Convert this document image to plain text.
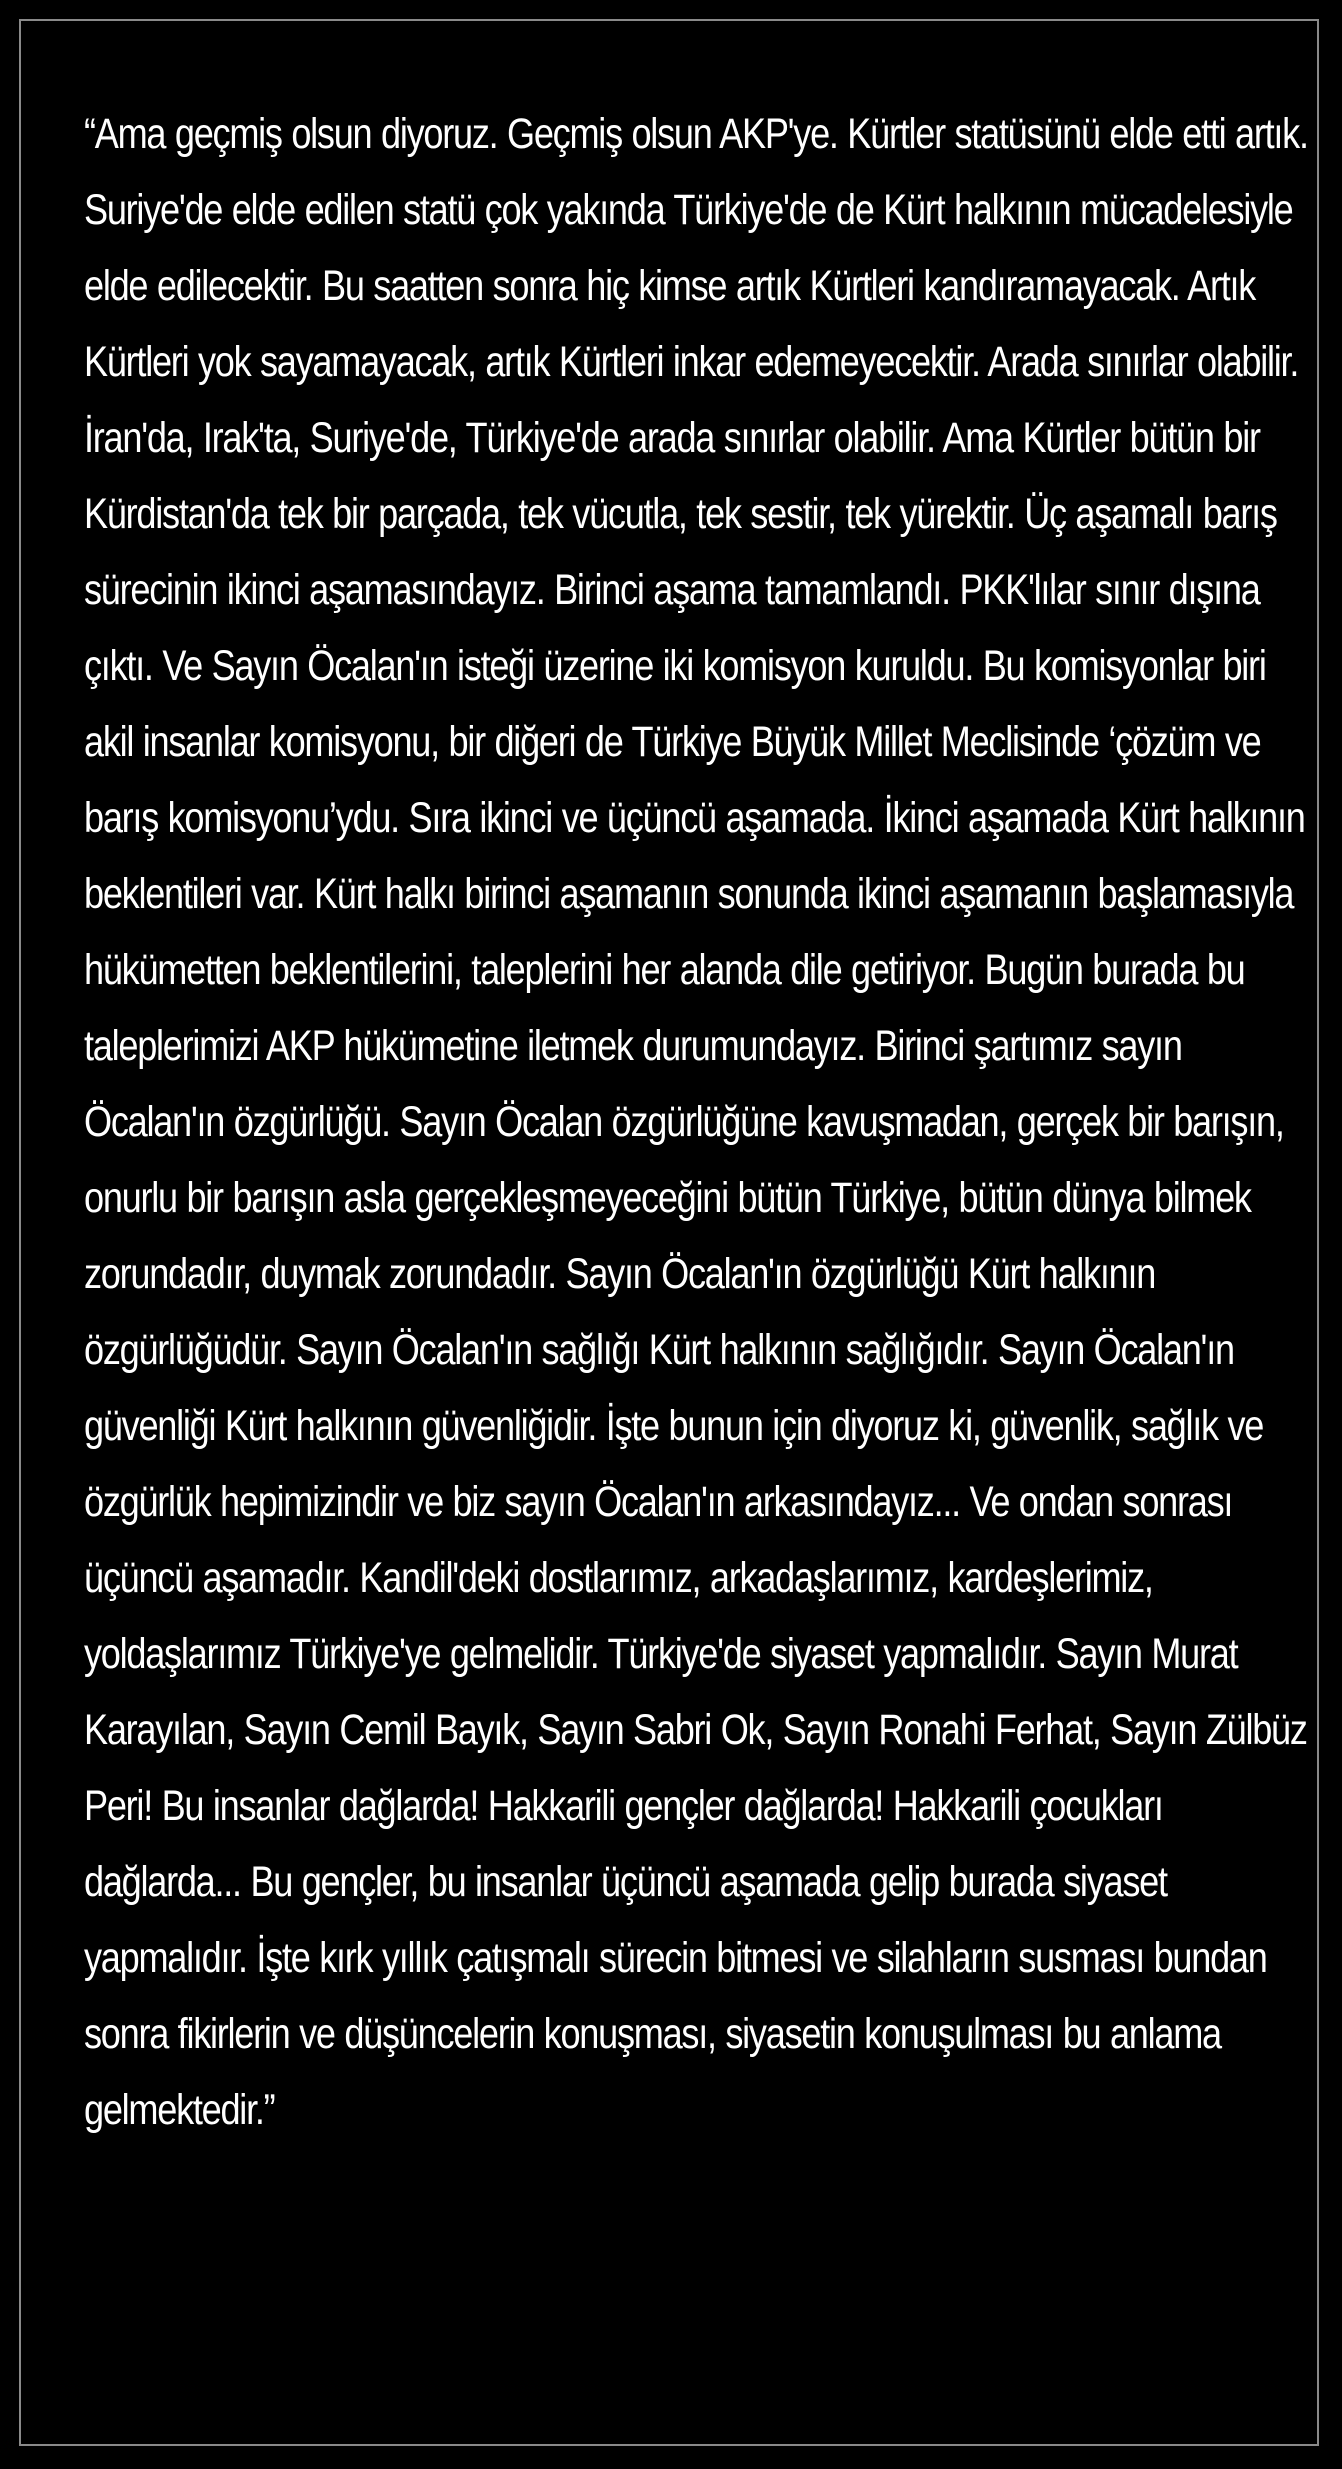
“Ama geçmiş olsun diyoruz. Geçmiş olsun AKP'ye. Kürtler statüsünü elde etti artık. Suriye'de elde edilen statü çok yakında Türkiye'de de Kürt halkının mücadelesiyle elde edilecektir. Bu saatten sonra hiç kimse artık Kürtleri kandıramayacak. Artık Kürtleri yok sayamayacak, artık Kürtleri inkar edemeyecektir. Arada sınırlar olabilir. İran'da, Irak'ta, Suriye'de, Türkiye'de arada sınırlar olabilir. Ama Kürtler bütün bir Kürdistan'da tek bir parçada, tek vücutla, tek sestir, tek yürektir. Üç aşamalı barış sürecinin ikinci aşamasındayız. Birinci aşama tamamlandı. PKK'lılar sınır dışına çıktı. Ve Sayın Öcalan'ın isteği üzerine iki komisyon kuruldu. Bu komisyonlar biri akil insanlar komisyonu, bir diğeri de Türkiye Büyük Millet Meclisinde ‘çözüm ve barış komisyonu’ydu. Sıra ikinci ve üçüncü aşamada. İkinci aşamada Kürt halkının beklentileri var. Kürt halkı birinci aşamanın sonunda ikinci aşamanın başlamasıyla hükümetten beklentilerini, taleplerini her alanda dile getiriyor. Bugün burada bu taleplerimizi AKP hükümetine iletmek durumundayız. Birinci şartımız sayın Öcalan'ın özgürlüğü. Sayın Öcalan özgürlüğüne kavuşmadan, gerçek bir barışın, onurlu bir barışın asla gerçekleşmeyeceğini bütün Türkiye, bütün dünya bilmek zorundadır, duymak zorundadır. Sayın Öcalan'ın özgürlüğü Kürt halkının özgürlüğüdür. Sayın Öcalan'ın sağlığı Kürt halkının sağlığıdır. Sayın Öcalan'ın güvenliği Kürt halkının güvenliğidir. İşte bunun için diyoruz ki, güvenlik, sağlık ve özgürlük hepimizindir ve biz sayın Öcalan'ın arkasındayız... Ve ondan sonrası üçüncü aşamadır. Kandil'deki dostlarımız, arkadaşlarımız, kardeşlerimiz, yoldaşlarımız Türkiye'ye gelmelidir. Türkiye'de siyaset yapmalıdır. Sayın Murat Karayılan, Sayın Cemil Bayık, Sayın Sabri Ok, Sayın Ronahi Ferhat, Sayın Zülbüz Peri! Bu insanlar dağlarda! Hakkarili gençler dağlarda! Hakkarili çocukları dağlarda... Bu gençler, bu insanlar üçüncü aşamada gelip burada siyaset yapmalıdır. İşte kırk yıllık çatışmalı sürecin bitmesi ve silahların susması bundan sonra fikirlerin ve düşüncelerin konuşması, siyasetin konuşulması bu anlama gelmektedir.”
